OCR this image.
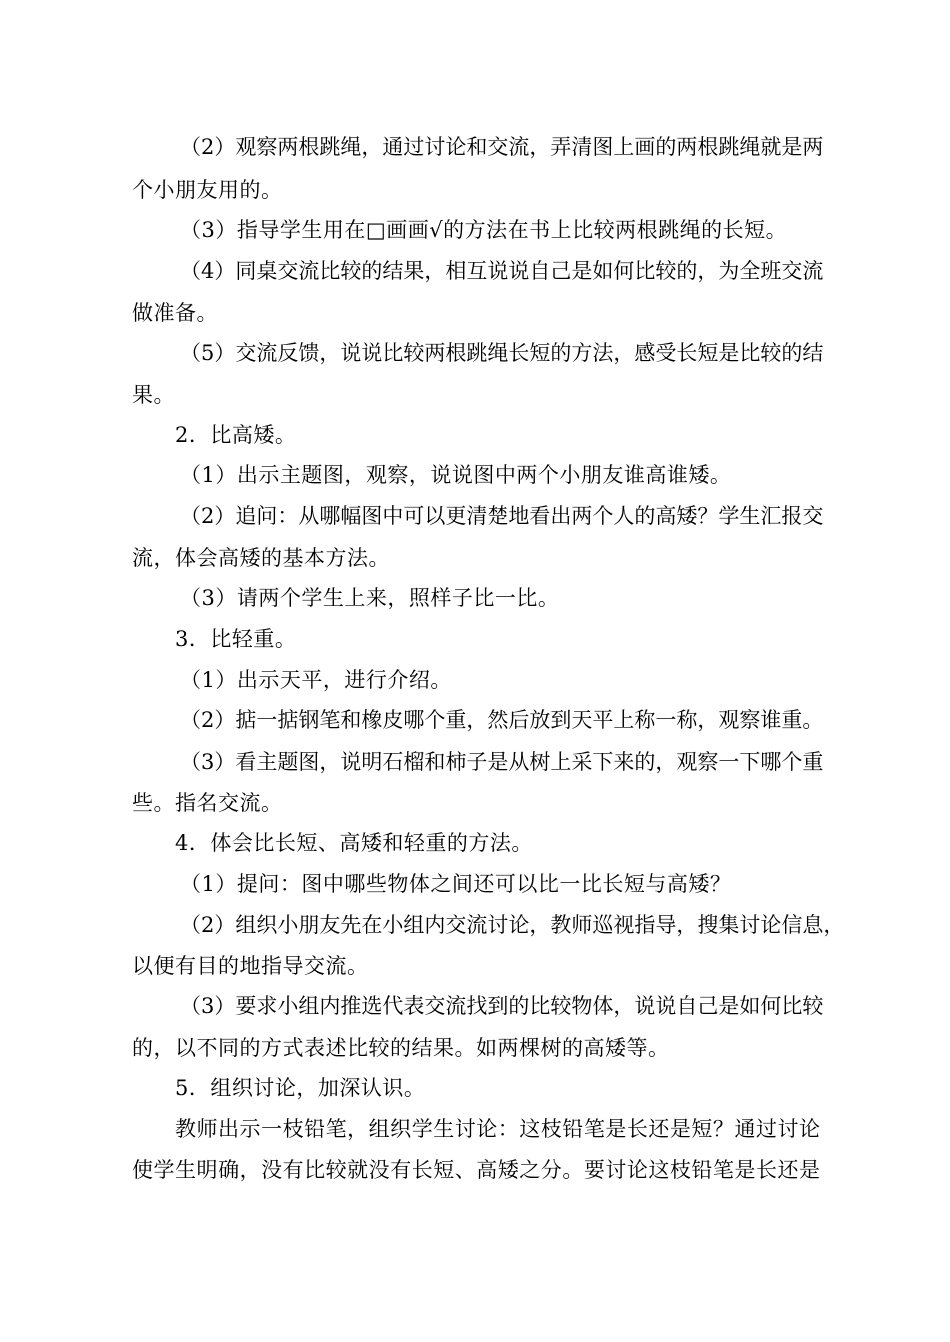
（2）观察两根跳绳，通过讨论和交流，弄清图上画的两根跳绳就是两
个小朋友用的。
（3）指导学生用在□画画√的方法在书上比较两根跳绳的长短。
（4）同桌交流比较的结果，相互说说自己是如何比较的，为全班交流
做准备。
（5）交流反馈，说说比较两根跳绳长短的方法，感受长短是比较的结
果。
2．比高矮。
（1）出示主题图，观察，说说图中两个小朋友谁高谁矮。
（2）追问：从哪幅图中可以更清楚地看出两个人的高矮？学生汇报交
流，体会高矮的基本方法。
（3）请两个学生上来，照样子比一比。
3．比轻重。
（1）出示天平，进行介绍。
（2）掂一掂钢笔和橡皮哪个重，然后放到天平上称一称，观察谁重。
（3）看主题图，说明石榴和柿子是从树上采下来的，观察一下哪个重
些。指名交流。
4．体会比长短、高矮和轻重的方法。
（1）提问：图中哪些物体之间还可以比一比长短与高矮？
（2）组织小朋友先在小组内交流讨论，教师巡视指导，搜集讨论信息，
以便有目的地指导交流。
（3）要求小组内推选代表交流找到的比较物体，说说自己是如何比较
的，以不同的方式表述比较的结果。如两棵树的高矮等。
5．组织讨论，加深认识。
教师出示一枝铅笔，组织学生讨论：这枝铅笔是长还是短？通过讨论
使学生明确，没有比较就没有长短、高矮之分。要讨论这枝铅笔是长还是
